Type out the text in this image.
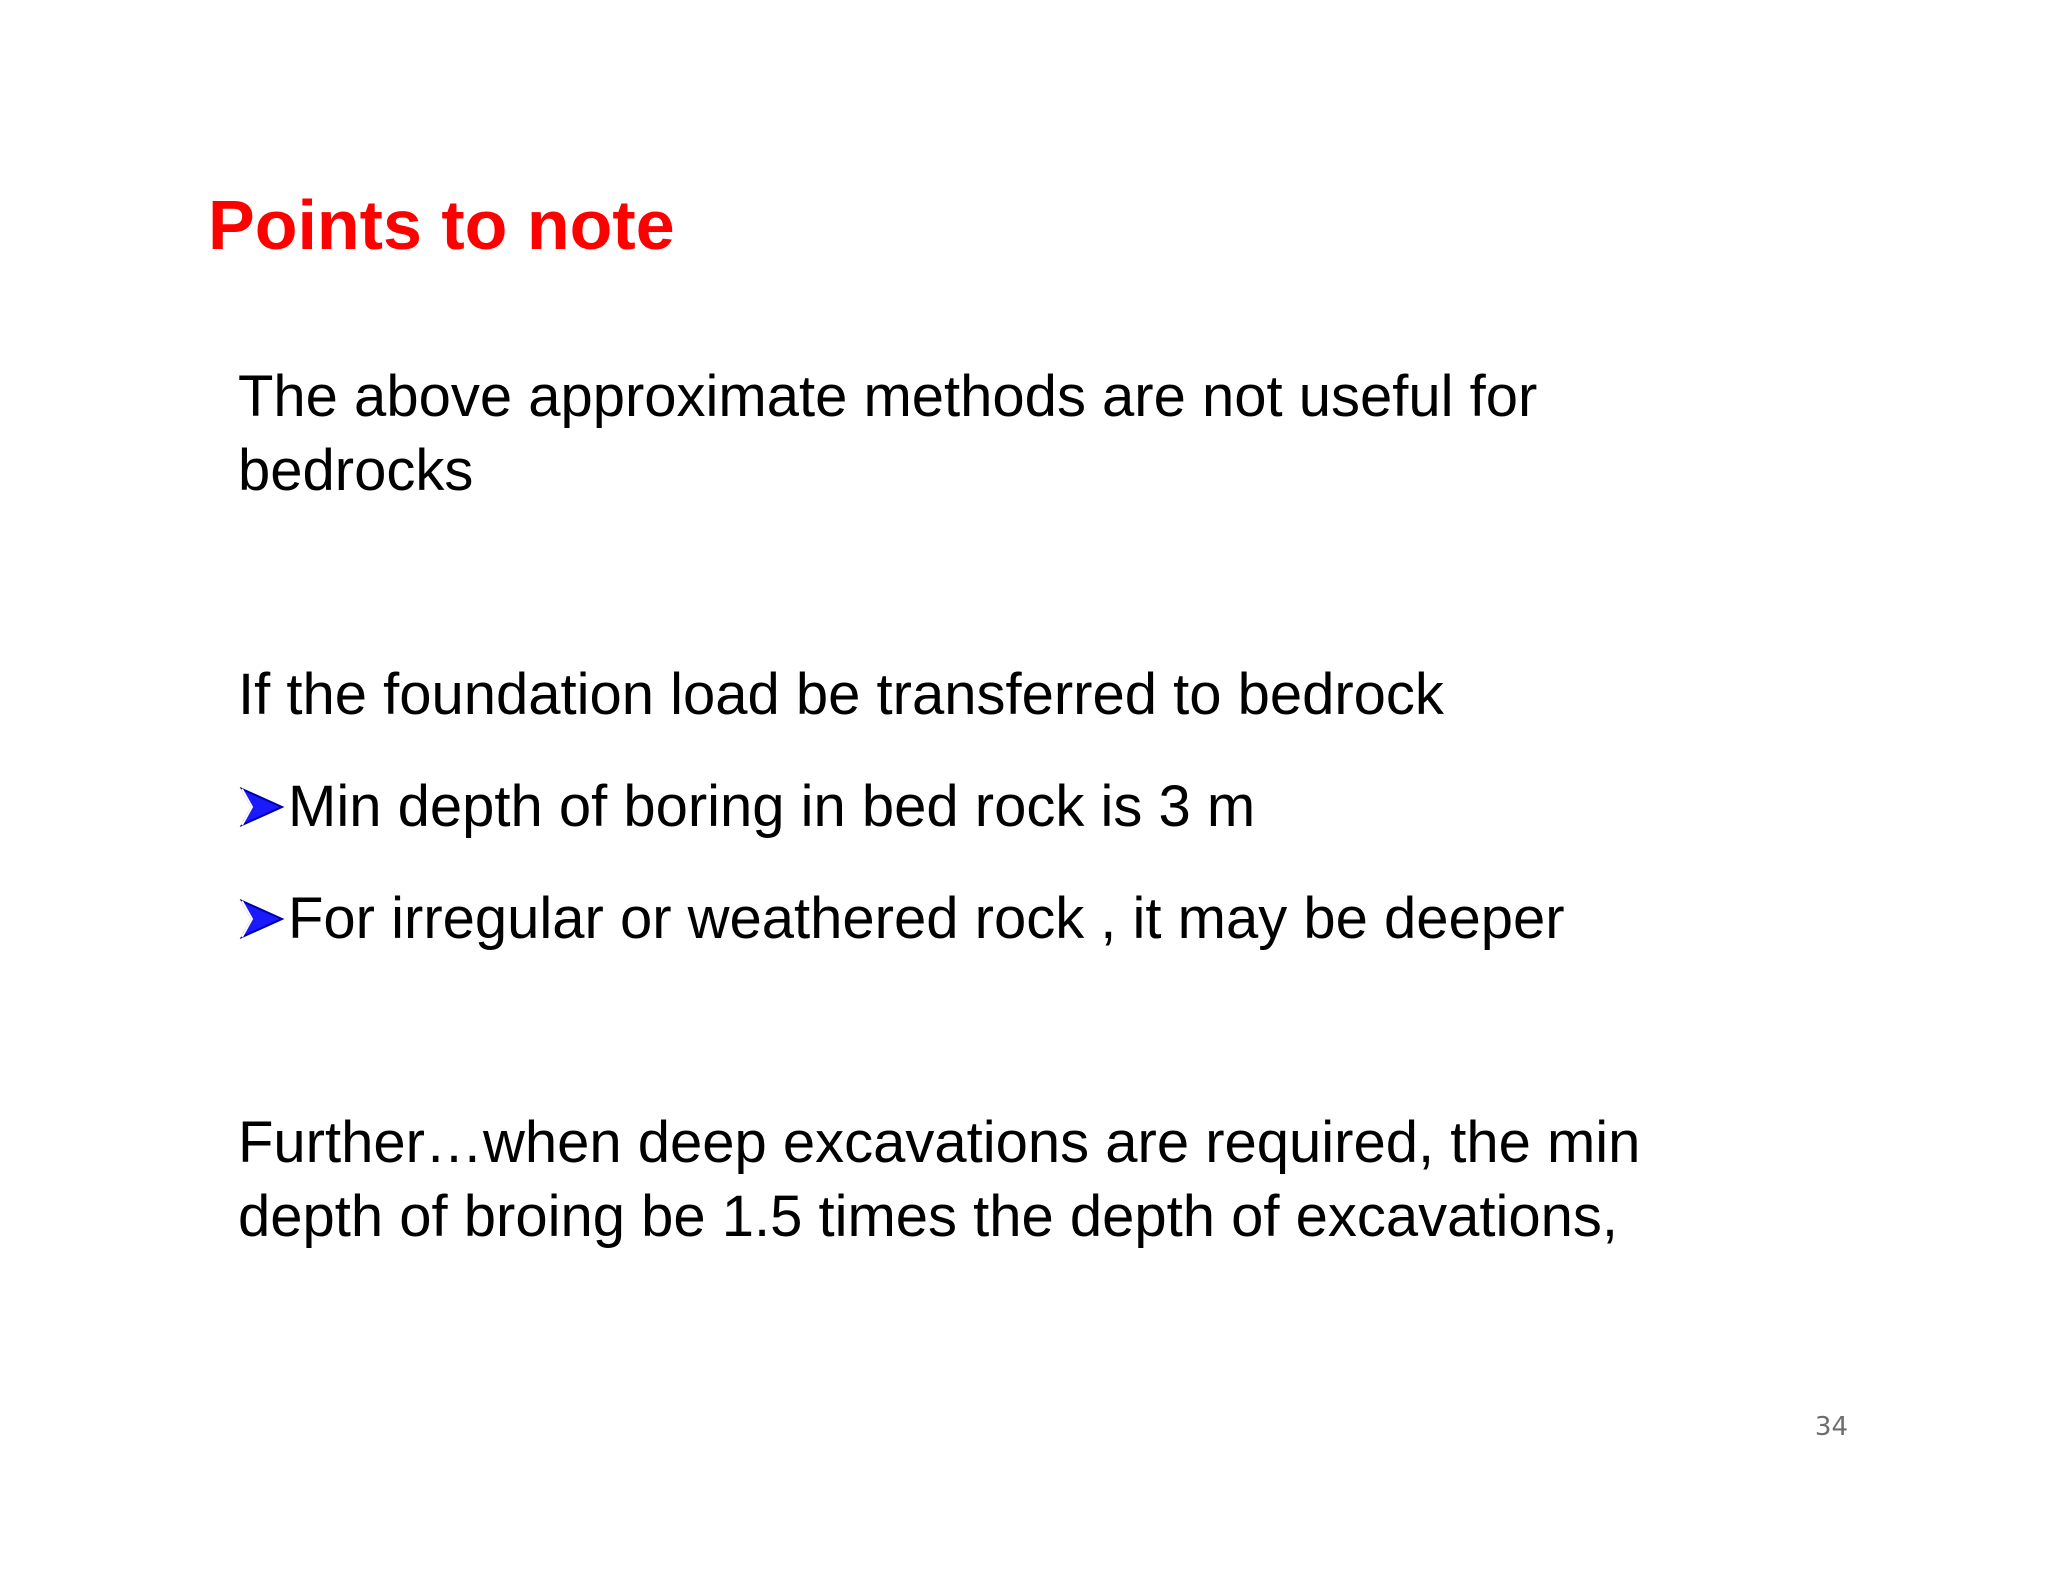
Points to note

The above approximate methods are not useful for bedrocks

If the foundation load be transferred to bedrock

Min depth of boring in bed rock is 3 m
For irregular or weathered rock , it may be deeper

Further…when deep excavations are required, the min depth of broing be 1.5 times the depth of excavations,

34
